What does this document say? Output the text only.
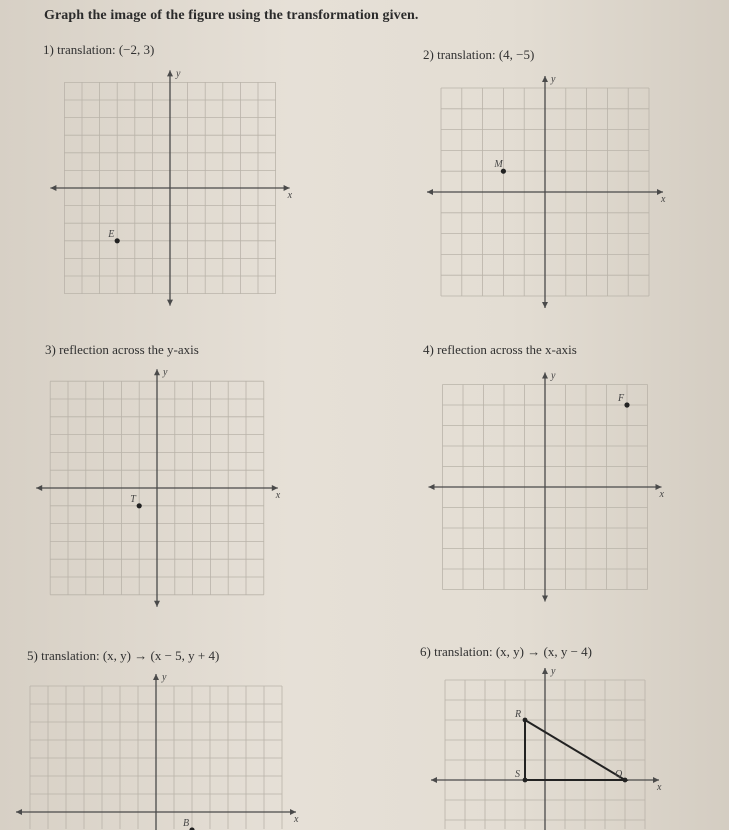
Graph the image of the figure using the transformation given.
1) translation: (−2, 3)	2) translation: (4, −5)
3) reflection across the y-axis	4) reflection across the x-axis
5) translation: (x, y) → (x − 5, y + 4)	6) translation: (x, y) → (x, y − 4)
x
y
E
x
y
M
x
y
T	x
y
F
x
y
B
x
y
R
Q
S
